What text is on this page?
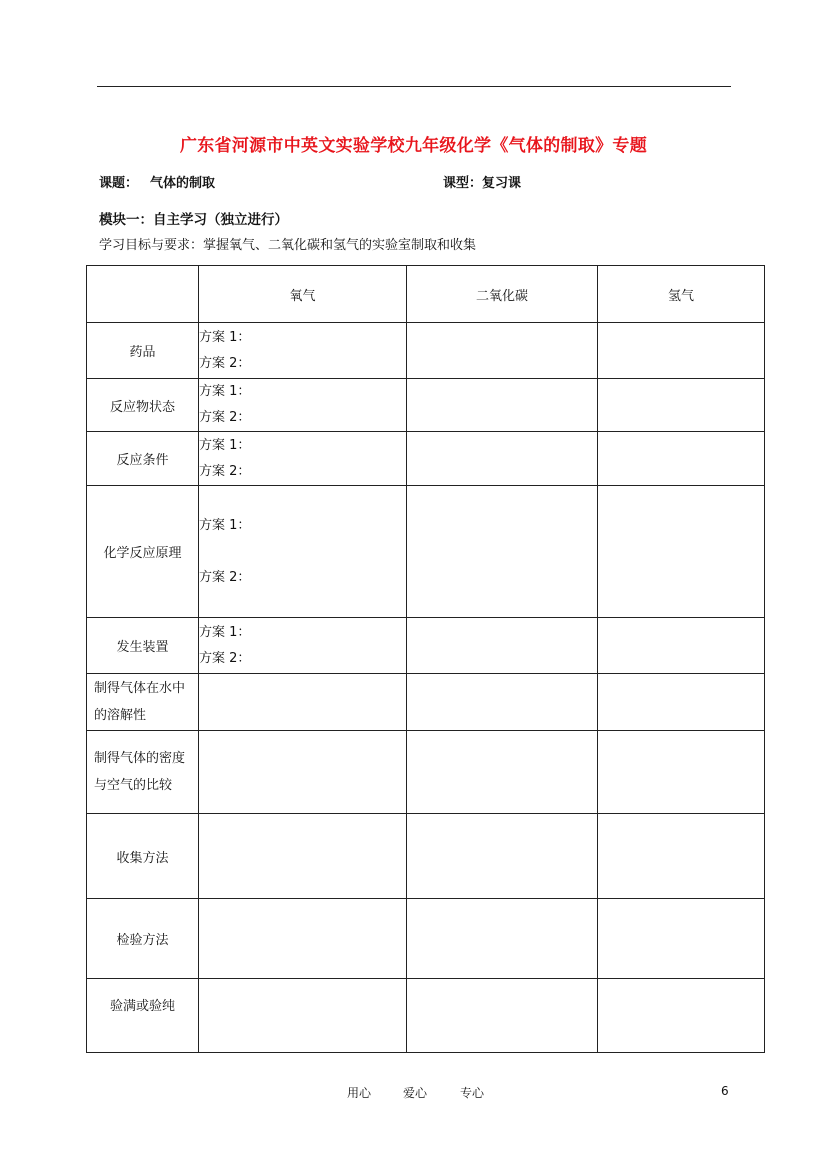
广东省河源市中英文实验学校九年级化学《气体的制取》专题
课题： 气体的制取	课型：复习课
模块一：自主学习（独立进行）
学习目标与要求：掌握氧气、二氧化碳和氢气的实验室制取和收集
	氧气	二氧化碳	氢气
药品	方案 1：
方案 2：		

反应物状态	方案 1：
方案 2：		

反应条件	方案 1：
方案 2：		

化学反应原理	方案 1：
方案 2：		

发生装置	方案 1：
方案 2：		

制得气体在水中的溶解性			
制得气体的密度与空气的比较			
收集方法			
检验方法			
验满或验纯			
用心	爱心	专心	6
